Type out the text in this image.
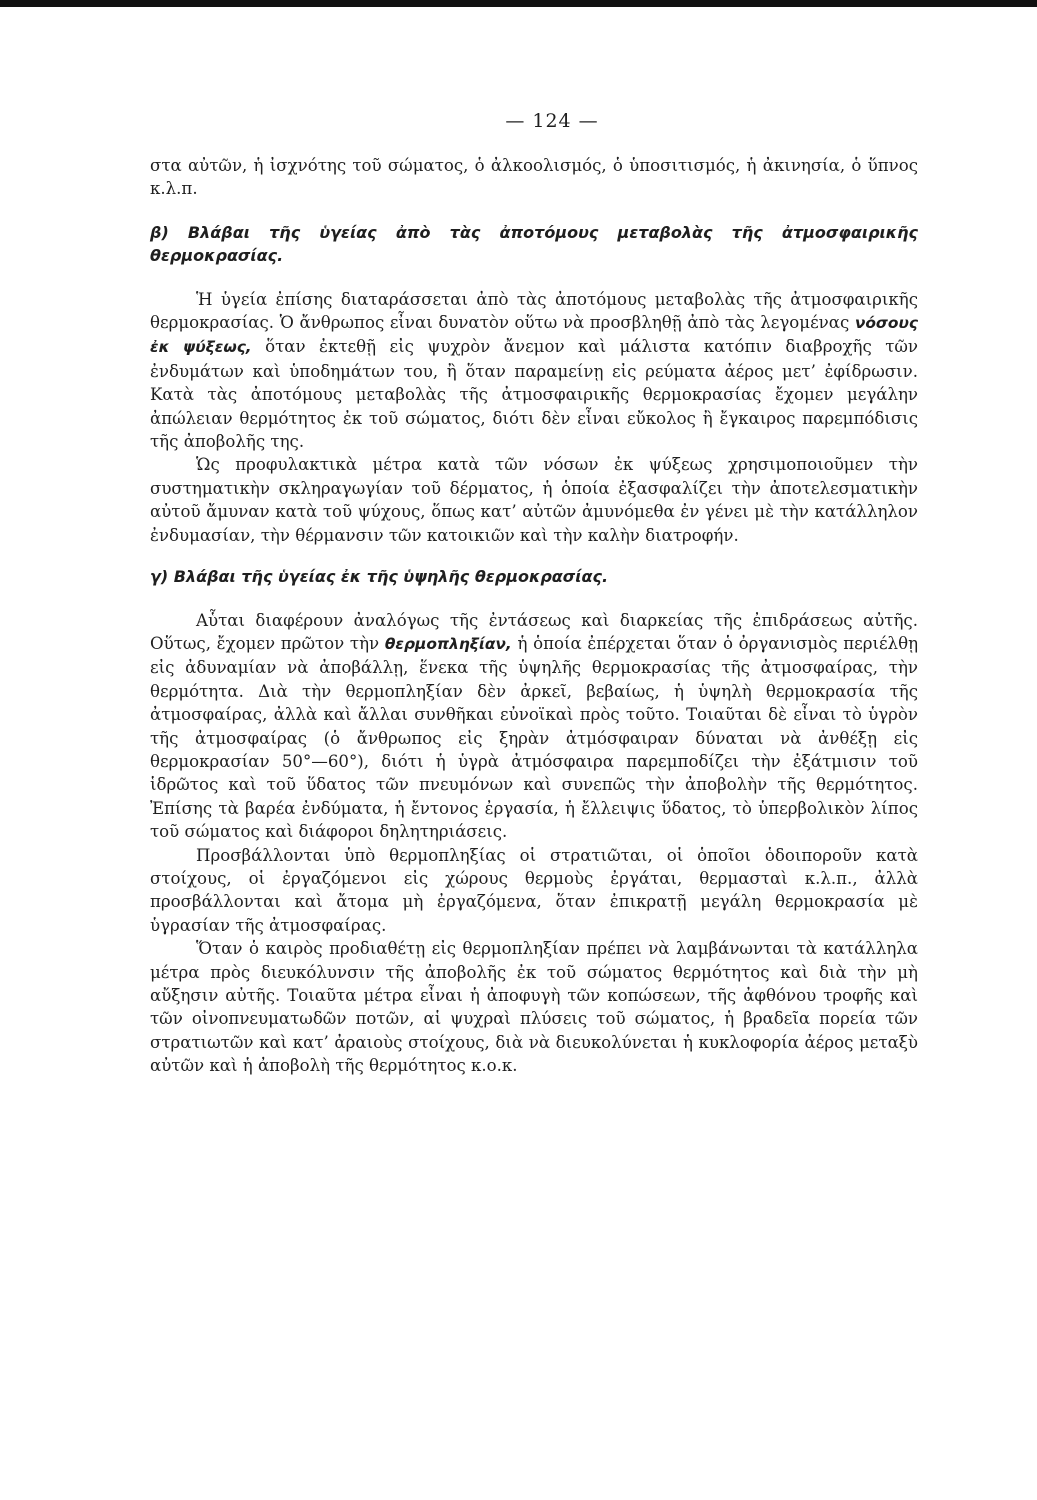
— 124 —

στα αὐτῶν, ἡ ἰσχνότης τοῦ σώματος, ὁ ἀλκοολισμός, ὁ ὑποσιτισμός, ἡ ἀκινησία, ὁ ὕπνος κ.λ.π.

β) Βλάβαι τῆς ὑγείας ἀπὸ τὰς ἀποτόμους μεταβολὰς τῆς ἀτμοσφαιρικῆς θερμοκρασίας.

Ἡ ὑγεία ἐπίσης διαταράσσεται ἀπὸ τὰς ἀποτόμους μεταβολὰς τῆς ἀτμοσφαιρικῆς θερμοκρασίας. Ὁ ἄνθρωπος εἶναι δυνατὸν οὕτω νὰ προσβληθῇ ἀπὸ τὰς λεγομένας νόσους ἐκ ψύξεως, ὅταν ἐκτεθῇ εἰς ψυχρὸν ἄνεμον καὶ μάλιστα κατόπιν διαβροχῆς τῶν ἐνδυμάτων καὶ ὑποδημάτων του, ἢ ὅταν παραμείνῃ εἰς ρεύματα ἀέρος μετ’ ἐφίδρωσιν. Κατὰ τὰς ἀποτόμους μεταβολὰς τῆς ἀτμοσφαιρικῆς θερμοκρασίας ἔχομεν μεγάλην ἀπώλειαν θερμότητος ἐκ τοῦ σώματος, διότι δὲν εἶναι εὔκολος ἢ ἔγκαιρος παρεμπόδισις τῆς ἀποβολῆς της.

Ὡς προφυλακτικὰ μέτρα κατὰ τῶν νόσων ἐκ ψύξεως χρησιμοποιοῦμεν τὴν συστηματικὴν σκληραγωγίαν τοῦ δέρματος, ἡ ὁποία ἐξασφαλίζει τὴν ἀποτελεσματικὴν αὐτοῦ ἄμυναν κατὰ τοῦ ψύχους, ὅπως κατ’ αὐτῶν ἀμυνόμεθα ἐν γένει μὲ τὴν κατάλληλον ἐνδυμασίαν, τὴν θέρμανσιν τῶν κατοικιῶν καὶ τὴν καλὴν διατροφήν.

γ) Βλάβαι τῆς ὑγείας ἐκ τῆς ὑψηλῆς θερμοκρασίας.

Αὗται διαφέρουν ἀναλόγως τῆς ἐντάσεως καὶ διαρκείας τῆς ἐπιδράσεως αὐτῆς. Οὕτως, ἔχομεν πρῶτον τὴν θερμοπληξίαν, ἡ ὁποία ἐπέρχεται ὅταν ὁ ὀργανισμὸς περιέλθῃ εἰς ἀδυναμίαν νὰ ἀποβάλλῃ, ἕνεκα τῆς ὑψηλῆς θερμοκρασίας τῆς ἀτμοσφαίρας, τὴν θερμότητα. Διὰ τὴν θερμοπληξίαν δὲν ἀρκεῖ, βεβαίως, ἡ ὑψηλὴ θερμοκρασία τῆς ἀτμοσφαίρας, ἀλλὰ καὶ ἄλλαι συνθῆκαι εὐνοϊκαὶ πρὸς τοῦτο. Τοιαῦται δὲ εἶναι τὸ ὑγρὸν τῆς ἀτμοσφαίρας (ὁ ἄνθρωπος εἰς ξηρὰν ἀτμόσφαιραν δύναται νὰ ἀνθέξῃ εἰς θερμοκρασίαν 50°—60°), διότι ἡ ὑγρὰ ἀτμόσφαιρα παρεμποδίζει τὴν ἐξάτμισιν τοῦ ἱδρῶτος καὶ τοῦ ὕδατος τῶν πνευμόνων καὶ συνεπῶς τὴν ἀποβολὴν τῆς θερμότητος. Ἐπίσης τὰ βαρέα ἐνδύματα, ἡ ἔντονος ἐργασία, ἡ ἔλλειψις ὕδατος, τὸ ὑπερβολικὸν λίπος τοῦ σώματος καὶ διάφοροι δηλητηριάσεις.

Προσβάλλονται ὑπὸ θερμοπληξίας οἱ στρατιῶται, οἱ ὁποῖοι ὁδοιποροῦν κατὰ στοίχους, οἱ ἐργαζόμενοι εἰς χώρους θερμοὺς ἐργάται, θερμασταὶ κ.λ.π., ἀλλὰ προσβάλλονται καὶ ἄτομα μὴ ἐργαζόμενα, ὅταν ἐπικρατῇ μεγάλη θερμοκρασία μὲ ὑγρασίαν τῆς ἀτμοσφαίρας.

Ὅταν ὁ καιρὸς προδιαθέτῃ εἰς θερμοπληξίαν πρέπει νὰ λαμβάνωνται τὰ κατάλληλα μέτρα πρὸς διευκόλυνσιν τῆς ἀποβολῆς ἐκ τοῦ σώματος θερμότητος καὶ διὰ τὴν μὴ αὔξησιν αὐτῆς. Τοιαῦτα μέτρα εἶναι ἡ ἀποφυγὴ τῶν κοπώσεων, τῆς ἀφθόνου τροφῆς καὶ τῶν οἰνοπνευματωδῶν ποτῶν, αἱ ψυχραὶ πλύσεις τοῦ σώματος, ἡ βραδεῖα πορεία τῶν στρατιωτῶν καὶ κατ’ ἀραιοὺς στοίχους, διὰ νὰ διευκολύνεται ἡ κυκλοφορία ἀέρος μεταξὺ αὐτῶν καὶ ἡ ἀποβολὴ τῆς θερμότητος κ.ο.κ.
